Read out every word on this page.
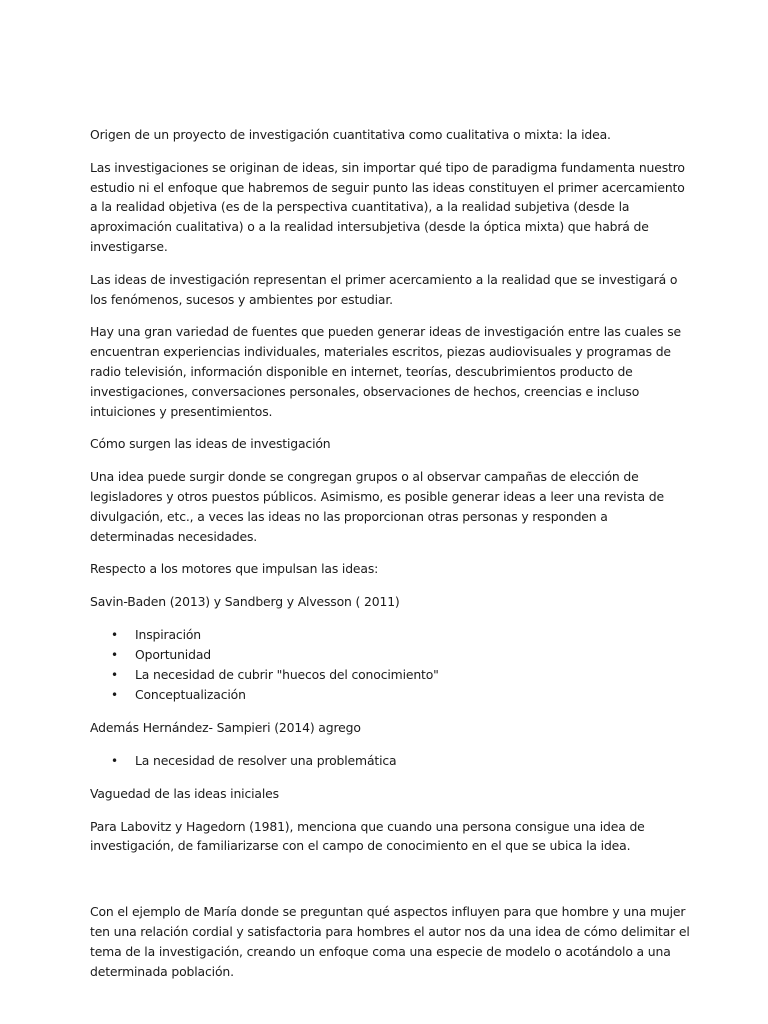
Origen de un proyecto de investigación cuantitativa como cualitativa o mixta: la idea.

Las investigaciones se originan de ideas, sin importar qué tipo de paradigma fundamenta nuestro estudio ni el enfoque que habremos de seguir punto las ideas constituyen el primer acercamiento a la realidad objetiva (es de la perspectiva cuantitativa), a la realidad subjetiva (desde la aproximación cualitativa) o a la realidad intersubjetiva (desde la óptica mixta) que habrá de investigarse.

Las ideas de investigación representan el primer acercamiento a la realidad que se investigará o los fenómenos, sucesos y ambientes por estudiar.

Hay una gran variedad de fuentes que pueden generar ideas de investigación entre las cuales se encuentran experiencias individuales, materiales escritos, piezas audiovisuales y programas de radio televisión, información disponible en internet, teorías, descubrimientos producto de investigaciones, conversaciones personales, observaciones de hechos, creencias e incluso intuiciones y presentimientos.

Cómo surgen las ideas de investigación

Una idea puede surgir donde se congregan grupos o al observar campañas de elección de legisladores y otros puestos públicos. Asimismo, es posible generar ideas a leer una revista de divulgación, etc., a veces las ideas no las proporcionan otras personas y responden a determinadas necesidades.

Respecto a los motores que impulsan las ideas:

Savin-Baden (2013) y Sandberg y Alvesson ( 2011)

• Inspiración
• Oportunidad
• La necesidad de cubrir "huecos del conocimiento"
• Conceptualización

Además Hernández- Sampieri (2014) agrego

• La necesidad de resolver una problemática

Vaguedad de las ideas iniciales

Para Labovitz y Hagedorn (1981), menciona que cuando una persona consigue una idea de investigación, de familiarizarse con el campo de conocimiento en el que se ubica la idea.

Con el ejemplo de María donde se preguntan qué aspectos influyen para que hombre y una mujer ten una relación cordial y satisfactoria para hombres el autor nos da una idea de cómo delimitar el tema de la investigación, creando un enfoque coma una especie de modelo o acotándolo a una determinada población.
